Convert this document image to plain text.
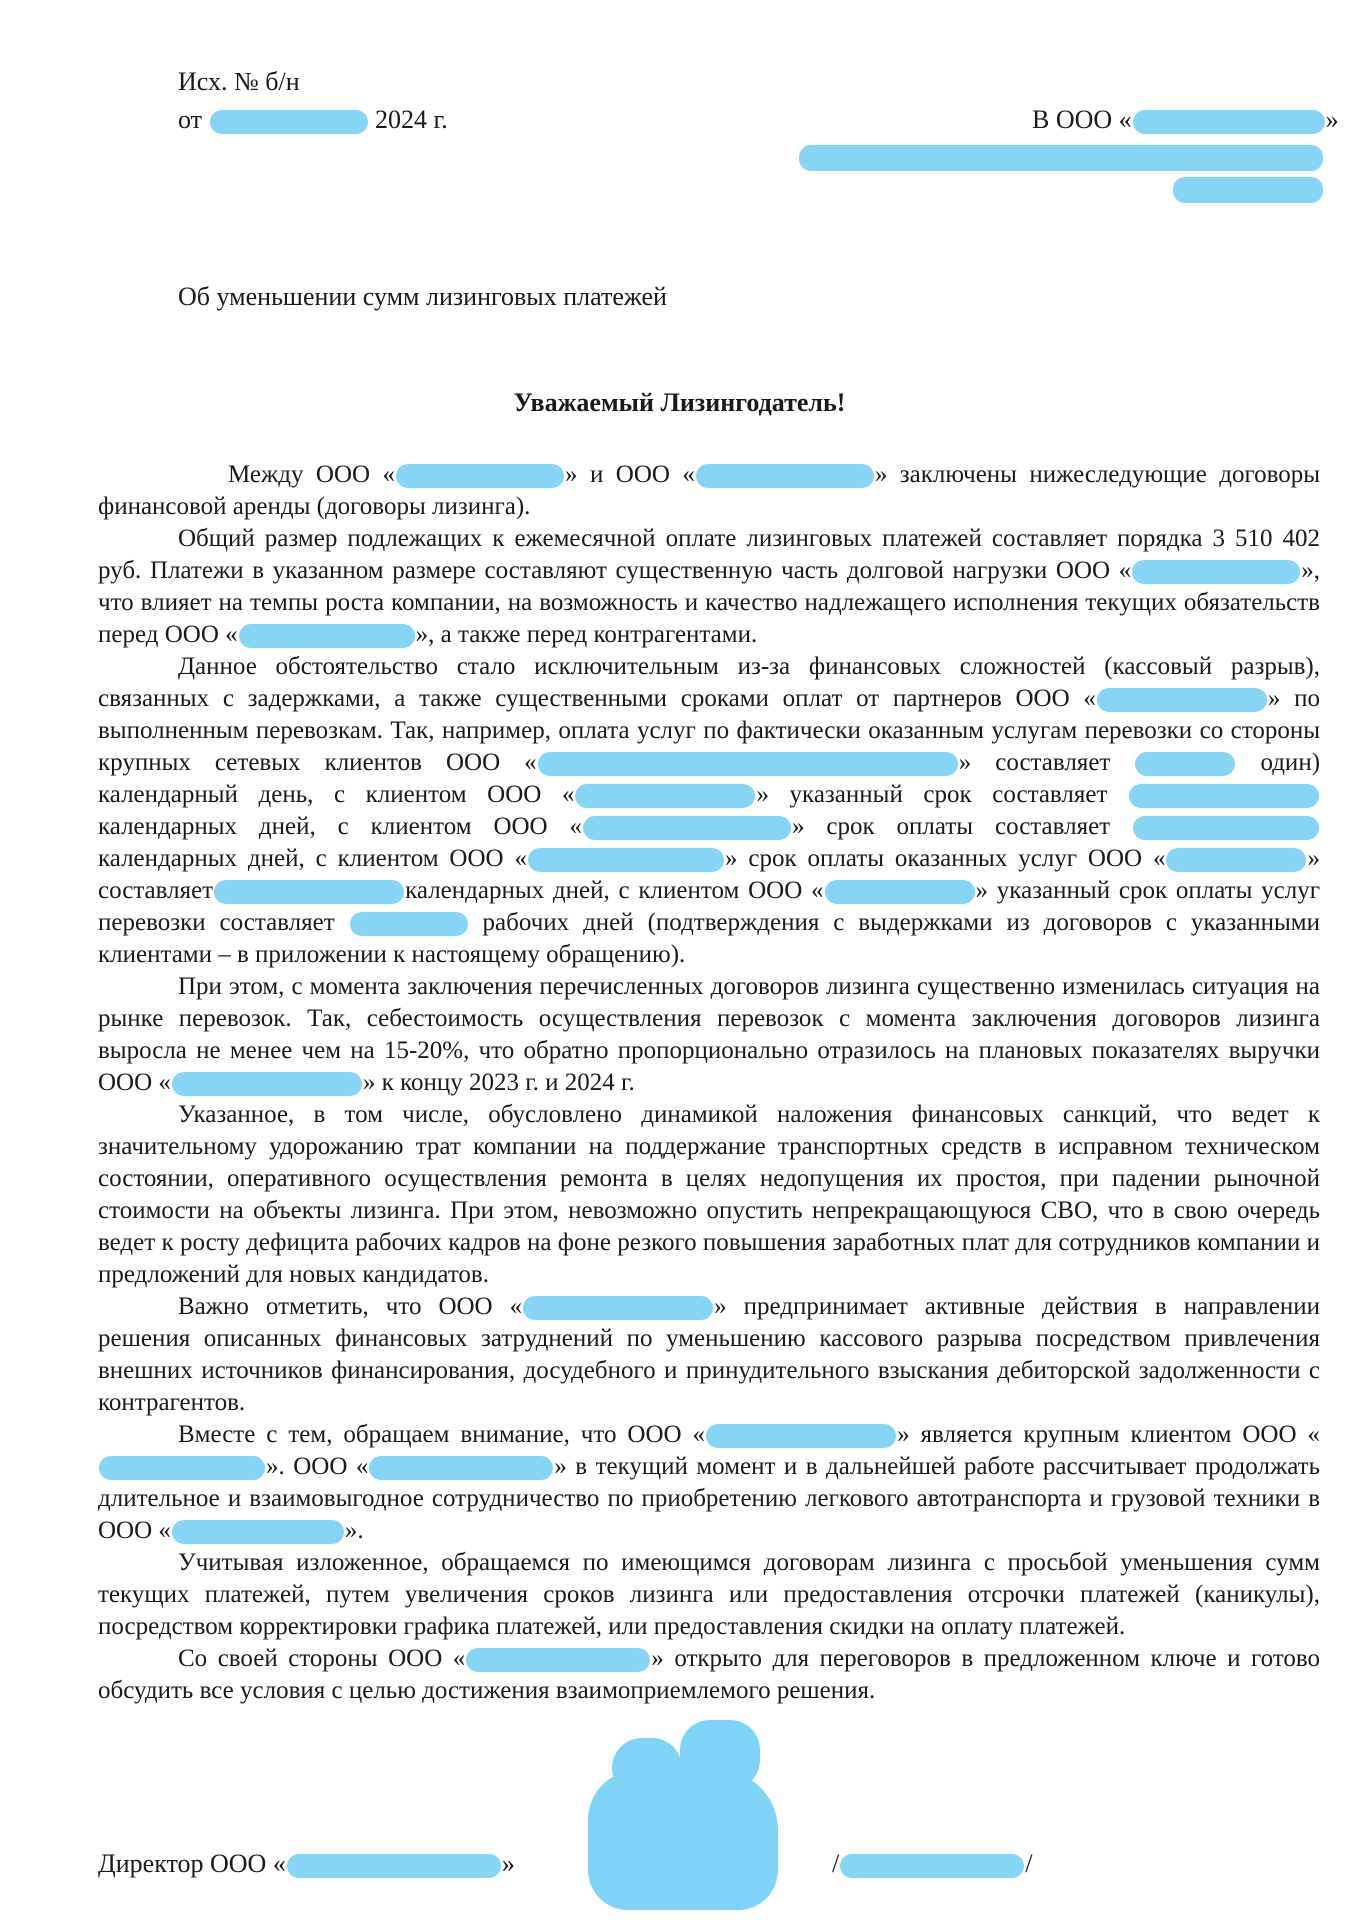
Исх. № б/н
от	2024 г.	В ООО «	»
Об уменьшении сумм лизинговых платежей
Уважаемый Лизингодатель!

Между ООО «	» и ООО «	» заключены нижеследующие договоры финансовой аренды (договоры лизинга).

Общий размер подлежащих к ежемесячной оплате лизинговых платежей составляет порядка 3 510 402 руб. Платежи в указанном размере составляют существенную часть долговой нагрузки ООО «	», что влияет на темпы роста компании, на возможность и качество надлежащего исполнения текущих обязательств перед ООО «	», а также перед контрагентами.

Данное обстоятельство стало исключительным из-за финансовых сложностей (кассовый разрыв), связанных с задержками, а также существенными сроками оплат от партнеров ООО «	» по выполненным перевозкам. Так, например, оплата услуг по фактически оказанным услугам перевозки со стороны крупных сетевых клиентов ООО «	» составляет	один) календарный день, с клиентом ООО «	» указанный срок составляет  календарных дней, с клиентом ООО «	» срок оплаты составляет  календарных дней, с клиентом ООО «	» срок оплаты оказанных услуг ООО «	» составляет	календарных дней, с клиентом ООО «	» указанный срок оплаты услуг перевозки составляет	рабочих дней (подтверждения с выдержками из договоров с указанными клиентами – в приложении к настоящему обращению).

При этом, с момента заключения перечисленных договоров лизинга существенно изменилась ситуация на рынке перевозок. Так, себестоимость осуществления перевозок с момента заключения договоров лизинга выросла не менее чем на 15-20%, что обратно пропорционально отразилось на плановых показателях выручки ООО «	» к концу 2023 г. и 2024 г.

Указанное, в том числе, обусловлено динамикой наложения финансовых санкций, что ведет к значительному удорожанию трат компании на поддержание транспортных средств в исправном техническом состоянии, оперативного осуществления ремонта в целях недопущения их простоя, при падении рыночной стоимости на объекты лизинга. При этом, невозможно опустить непрекращающуюся СВО, что в свою очередь ведет к росту дефицита рабочих кадров на фоне резкого повышения заработных плат для сотрудников компании и предложений для новых кандидатов.

Важно отметить, что ООО «	» предпринимает активные действия в направлении решения описанных финансовых затруднений по уменьшению кассового разрыва посредством привлечения внешних источников финансирования, досудебного и принудительного взыскания дебиторской задолженности с контрагентов.

Вместе с тем, обращаем внимание, что ООО «	» является крупным клиентом ООО «». ООО «	» в текущий момент и в дальнейшей работе рассчитывает продолжать длительное и взаимовыгодное сотрудничество по приобретению легкового автотранспорта и грузовой техники в ООО «	».

Учитывая изложенное, обращаемся по имеющимся договорам лизинга с просьбой уменьшения сумм текущих платежей, путем увеличения сроков лизинга или предоставления отсрочки платежей (каникулы), посредством корректировки графика платежей, или предоставления скидки на оплату платежей.

Со своей стороны ООО «	» открыто для переговоров в предложенном ключе и готово обсудить все условия с целью достижения взаимоприемлемого решения.

Директор ООО «	»	/	/
